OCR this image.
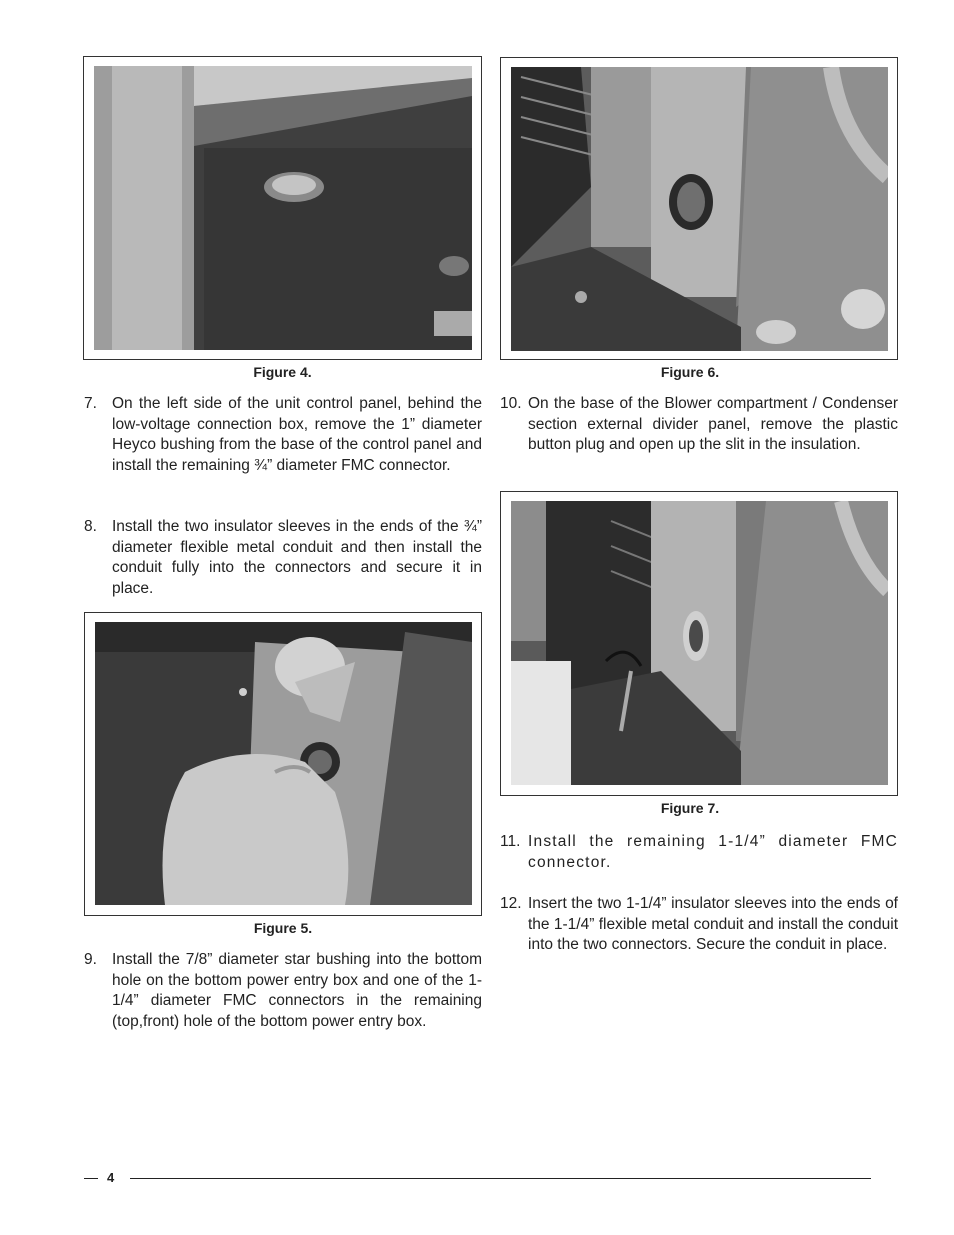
Figure 4.	Figure 6.
7. On the left side of the unit control panel, behind the low-voltage connection box, remove the 1” diameter Heyco bushing from the base of the control panel and install the remaining ¾” diameter FMC connector.
8. Install the two insulator sleeves in the ends of the ¾” diameter flexible metal conduit and then install the conduit fully into the connectors and secure it in place.
Figure 5.
9. Install the 7/8” diameter star bushing into the bottom hole on the bottom power entry box and one of the 1-1/4” diameter FMC connectors in the remaining (top,front) hole of the bottom power entry box.
10. On the base of the Blower compartment / Condenser section external divider panel, remove the plastic button plug and open up the slit in the insulation.
Figure 7.
11. Install the remaining 1-1/4” diameter FMC connector.
12. Insert the two 1-1/4” insulator sleeves into the ends of the 1-1/4” flexible metal conduit and install the conduit into the two connectors. Secure the conduit in place.
4
